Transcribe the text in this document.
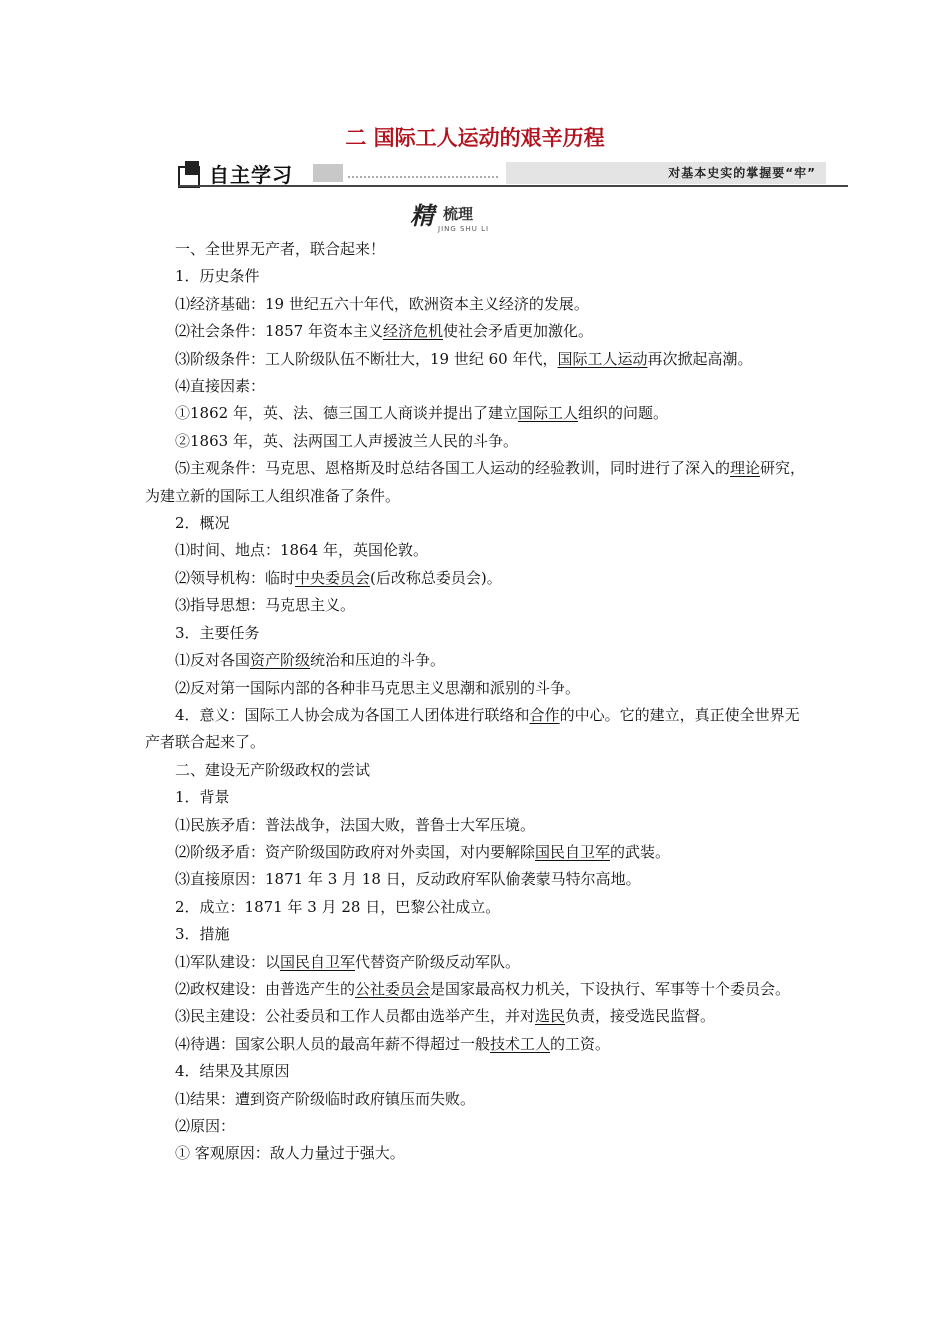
二 国际工人运动的艰辛历程
自主学习	对基本史实的掌握要“牢”
精 梳理
JING SHU LI

一、全世界无产者，联合起来！

1．历史条件

⑴经济基础：19 世纪五六十年代，欧洲资本主义经济的发展。

⑵社会条件：1857 年资本主义经济危机使社会矛盾更加激化。

⑶阶级条件：工人阶级队伍不断壮大，19 世纪 60 年代，国际工人运动再次掀起高潮。

⑷直接因素：

①1862 年，英、法、德三国工人商谈并提出了建立国际工人组织的问题。

②1863 年，英、法两国工人声援波兰人民的斗争。

⑸主观条件：马克思、恩格斯及时总结各国工人运动的经验教训，同时进行了深入的理论研究，为建立新的国际工人组织准备了条件。

2．概况

⑴时间、地点：1864 年，英国伦敦。

⑵领导机构：临时中央委员会(后改称总委员会)。

⑶指导思想：马克思主义。

3．主要任务

⑴反对各国资产阶级统治和压迫的斗争。

⑵反对第一国际内部的各种非马克思主义思潮和派别的斗争。

4．意义：国际工人协会成为各国工人团体进行联络和合作的中心。它的建立，真正使全世界无产者联合起来了。

二、建设无产阶级政权的尝试

1．背景

⑴民族矛盾：普法战争，法国大败，普鲁士大军压境。

⑵阶级矛盾：资产阶级国防政府对外卖国，对内要解除国民自卫军的武装。

⑶直接原因：1871 年 3 月 18 日，反动政府军队偷袭蒙马特尔高地。

2．成立：1871 年 3 月 28 日，巴黎公社成立。

3．措施

⑴军队建设：以国民自卫军代替资产阶级反动军队。

⑵政权建设：由普选产生的公社委员会是国家最高权力机关，下设执行、军事等十个委员会。

⑶民主建设：公社委员和工作人员都由选举产生，并对选民负责，接受选民监督。

⑷待遇：国家公职人员的最高年薪不得超过一般技术工人的工资。

4．结果及其原因

⑴结果：遭到资产阶级临时政府镇压而失败。

⑵原因：

① 客观原因：敌人力量过于强大。
